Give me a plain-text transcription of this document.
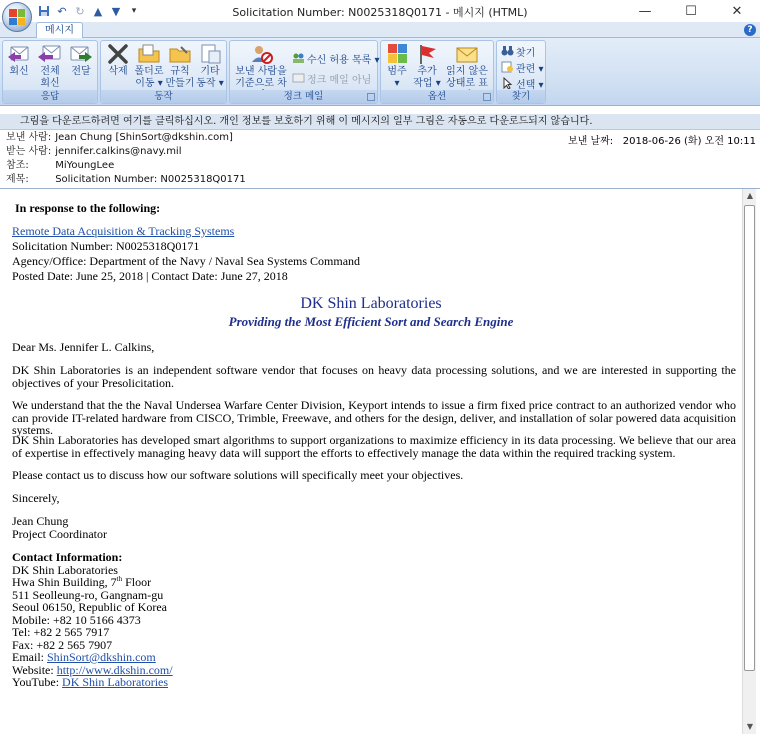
↶ ↻ ▲ ▼	▾	Solicitation Number: N0025318Q0171 - 메시지 (HTML)	—	☐	✕
메시지	?
회신	전체
회신
전달
응답
삭제 폴더로
이동 ▾
규칙
만들기
기타
동작 ▾
동작
보낸 사람을
기준으로 차
수신 허용 목록 ▾
정크 메일 아님
정크 메일
범주
▾
추가
작업 ▾
읽지 않은
상태로 표
옵션
찾기
관련 ▾
선택 ▾
찾기
그림을 다운로드하려면 여기를 클릭하십시오. 개인 정보를 보호하기 위해 이 메시지의 일부 그림은 자동으로 다운로드되지 않습니다.
보낸 사람: Jean Chung [ShinSort@dkshin.com]
받는 사람: jennifer.calkins@navy.mil
참조:	MiYoungLee
제목:	Solicitation Number: N0025318Q0171
보낸 날짜: 2018-06-26 (화) 오전 10:11
In response to the following:
Remote Data Acquisition & Tracking Systems
Solicitation Number: N0025318Q0171
Agency/Office: Department of the Navy / Naval Sea Systems Command
Posted Date: June 25, 2018 | Contact Date: June 27, 2018
DK Shin Laboratories
Providing the Most Efficient Sort and Search Engine
Dear Ms. Jennifer L. Calkins,
DK Shin Laboratories is an independent software vendor that focuses on heavy data processing solutions, and we are interested in supporting the objectives of your Presolicitation.
We understand that the the Naval Undersea Warfare Center Division, Keyport intends to issue a firm fixed price contract to an authorized vendor who can provide IT-related hardware from CISCO, Trimble, Freewave, and others for the design, deliver, and installation of solar powered data acquisition systems.
DK Shin Laboratories has developed smart algorithms to support organizations to maximize efficiency in its data processing. We believe that our area of expertise in effectively managing heavy data will support the efforts to effectively manage the data within the required tracking system.
Please contact us to discuss how our software solutions will specifically meet your objectives.
Sincerely,
Jean Chung
Project Coordinator
Contact Information:
DK Shin Laboratories
Hwa Shin Building, 7th Floor
511 Seolleung-ro, Gangnam-gu
Seoul 06150, Republic of Korea
Mobile: +82 10 5166 4373
Tel: +82 2 565 7917
Fax: +82 2 565 7907
Email: ShinSort@dkshin.com
Website: http://www.dkshin.com/
YouTube: DK Shin Laboratories
▲
▼
